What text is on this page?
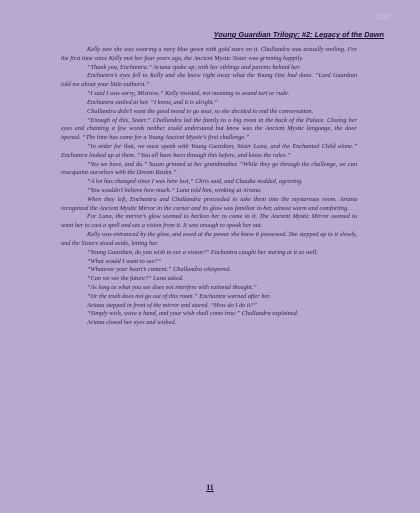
PDF
Young Guardian Trilogy: #2: Legacy of the Dawn

Kelly saw she was wearing a navy blue gown with gold stars on it. Challandra was actually smiling. For the first time since Kelly met her four years ago, the Ancient Mystic Sister was grinning happily.

“Thank you, Enchantra.” Ariana spoke up, with her siblings and parents behind her.

Enchantra’s eyes fell to Kelly and she knew right away what the Young One had done. “Lord Guardian told me about your little outburst.”

“I said I was sorry, Mistress.” Kelly insisted, not meaning to sound tart or rude.

Enchantra smiled at her. “I know, and it is alright.”

Challandra didn’t want the good mood to go sour, so she decided to end the conversation.

“Enough of this, Sister.” Challandra led the family to a big room in the back of the Palace. Closing her eyes and chanting a few words neither could understand but knew was the Ancient Mystic language, the door opened. “The time has come for a Young Ancient Mystic’s first challenge.”

“In order for that, we must speak with Young Guardian, Sister Luna, and the Enchanted Child alone.” Enchantra looked up at them. “You all have been through this before, and know the rules.”

“Yes we have, and do.” Susan grinned at her grandmother. “While they go through the challenge, we can reacquaint ourselves with the Dream Realm.”

“A lot has changed since I was here last,” Chris said, and Claudia nodded, agreeing.

“You wouldn’t believe how much.” Luna told him, winking at Ariana.

When they left, Enchantra and Challandra proceeded to take them into the mysterious room. Ariana recognized the Ancient Mystic Mirror in the corner and its glow was familiar to her, almost warm and comforting.

For Luna, the mirror’s glow seemed to beckon her to come to it. The Ancient Mystic Mirror seemed to want her to cast a spell and see a vision from it. It was enough to spook her out.

Kelly was entranced by the glow, and awed at the power she knew it possessed. She stepped up to it slowly, and the Sisters stood aside, letting her.

“Young Guardian, do you wish to see a vision?” Enchantra caught her staring at it as well.

“What would I want to see?”

“Whatever your heart’s content.” Challandra whispered.

“Can we see the future?” Luna asked.

“As long as what you see does not interfere with rational thought.”

“Or the truth does not go out of this room.” Enchantra warned after her.

Ariana stepped in front of the mirror and stared. “How do I do it?”

“Simply wish, wave a hand, and your wish shall come true.” Challandra explained.

Ariana closed her eyes and wished.

11
